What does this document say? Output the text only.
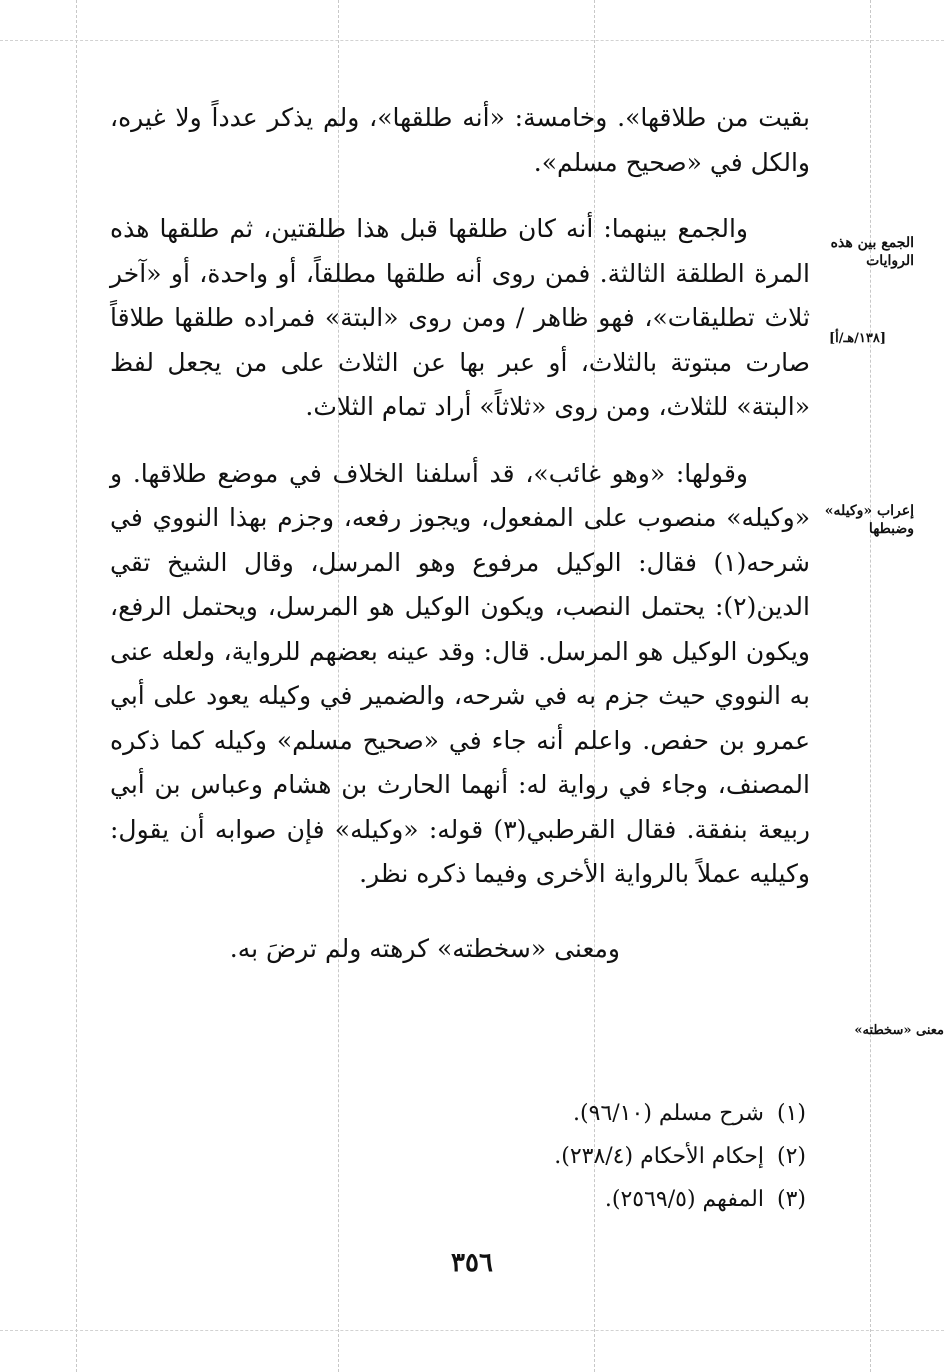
بقيت من طلاقها». وخامسة: «أنه طلقها»، ولم يذكر عدداً ولا غيره، والكل في «صحيح مسلم».

والجمع بينهما: أنه كان طلقها قبل هذا طلقتين، ثم طلقها هذه المرة الطلقة الثالثة. فمن روى أنه طلقها مطلقاً، أو واحدة، أو «آخر ثلاث تطليقات»، فهو ظاهر / ومن روى «البتة» فمراده طلقها طلاقاً صارت مبتوتة بالثلاث، أو عبر بها عن الثلاث على من يجعل لفظ «البتة» للثلاث، ومن روى «ثلاثاً» أراد تمام الثلاث.

وقولها: «وهو غائب»، قد أسلفنا الخلاف في موضع طلاقها. و «وكيله» منصوب على المفعول، ويجوز رفعه، وجزم بهذا النووي في شرحه(١) فقال: الوكيل مرفوع وهو المرسل، وقال الشيخ تقي الدين(٢): يحتمل النصب، ويكون الوكيل هو المرسل، ويحتمل الرفع، ويكون الوكيل هو المرسل. قال: وقد عينه بعضهم للرواية، ولعله عنى به النووي حيث جزم به في شرحه، والضمير في وكيله يعود على أبي عمرو بن حفص. واعلم أنه جاء في «صحيح مسلم» وكيله كما ذكره المصنف، وجاء في رواية له: أنهما الحارث بن هشام وعباس بن أبي ربيعة بنفقة. فقال القرطبي(٣) قوله: «وكيله» فإن صوابه أن يقول: وكيليه عملاً بالرواية الأخرى وفيما ذكره نظر.

ومعنى «سخطته» كرهته ولم ترضَ به.

الجمع بين هذه الروايات
[١٣٨/هـ/أ]
إعراب «وكيله» وضبطها
معنى «سخطته»
(١)شرح مسلم (٩٦/١٠).
(٢)إحكام الأحكام (٢٣٨/٤).
(٣)المفهم (٢٥٦٩/٥).
٣٥٦
